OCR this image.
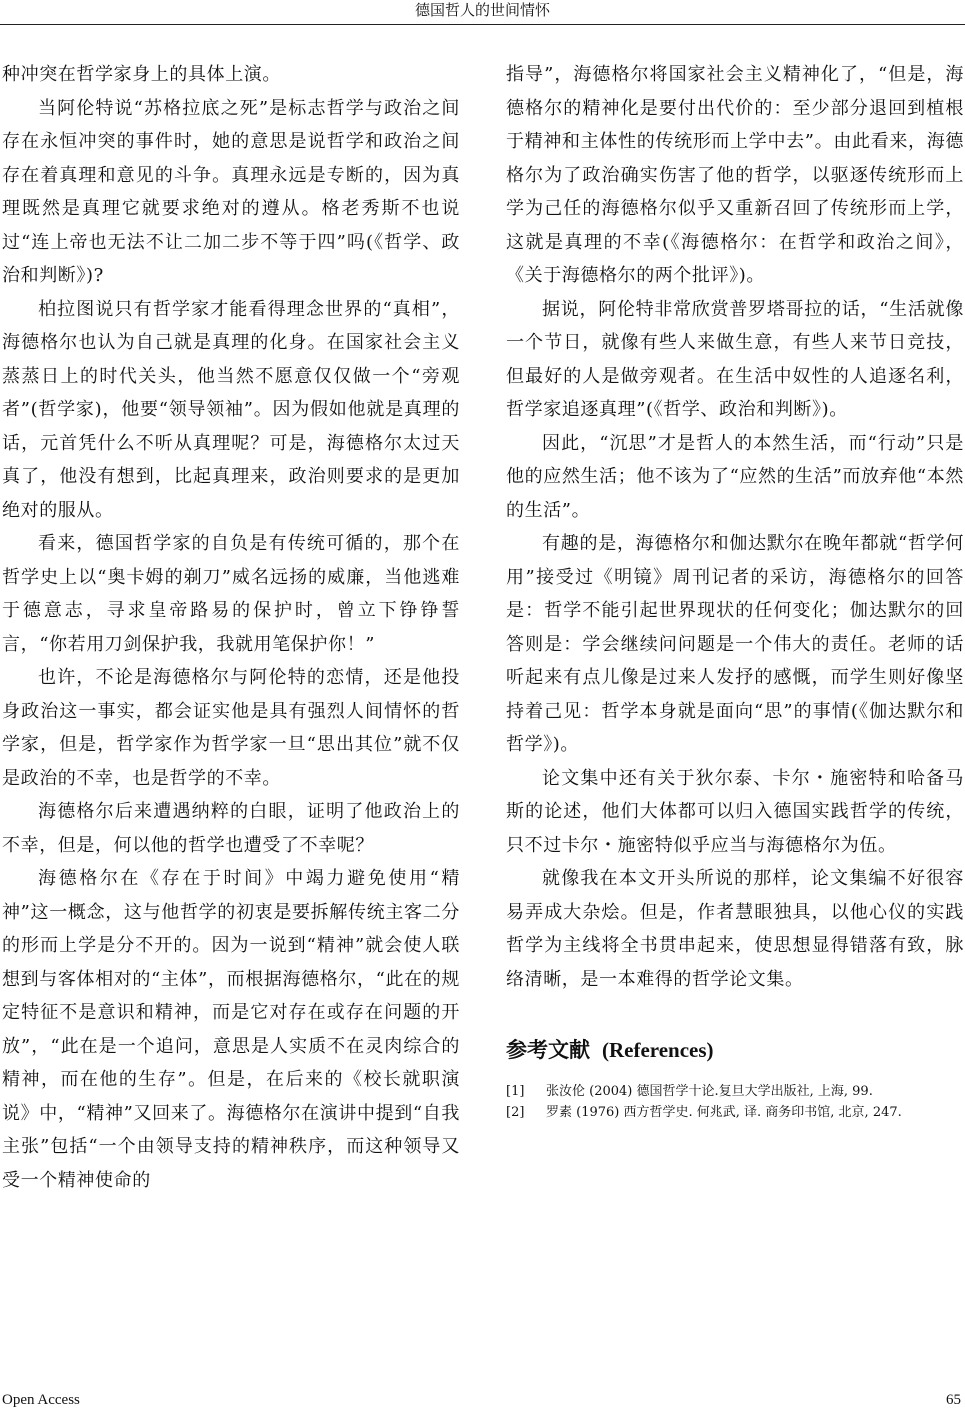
德国哲人的世间情怀

种冲突在哲学家身上的具体上演。

当阿伦特说“苏格拉底之死”是标志哲学与政治之间存在永恒冲突的事件时，她的意思是说哲学和政治之间存在着真理和意见的斗争。真理永远是专断的，因为真理既然是真理它就要求绝对的遵从。格老秀斯不也说过“连上帝也无法不让二加二步不等于四”吗(《哲学、政治和判断》)?

柏拉图说只有哲学家才能看得理念世界的“真相”，海德格尔也认为自己就是真理的化身。在国家社会主义蒸蒸日上的时代关头，他当然不愿意仅仅做一个“旁观者”(哲学家)，他要“领导领袖”。因为假如他就是真理的话，元首凭什么不听从真理呢？可是，海德格尔太过天真了，他没有想到，比起真理来，政治则要求的是更加绝对的服从。

看来，德国哲学家的自负是有传统可循的，那个在哲学史上以“奥卡姆的剃刀”威名远扬的威廉，当他逃难于德意志，寻求皇帝路易的保护时，曾立下铮铮誓言，“你若用刀剑保护我，我就用笔保护你！”

也许，不论是海德格尔与阿伦特的恋情，还是他投身政治这一事实，都会证实他是具有强烈人间情怀的哲学家，但是，哲学家作为哲学家一旦“思出其位”就不仅是政治的不幸，也是哲学的不幸。

海德格尔后来遭遇纳粹的白眼，证明了他政治上的不幸，但是，何以他的哲学也遭受了不幸呢？

海德格尔在《存在于时间》中竭力避免使用“精神”这一概念，这与他哲学的初衷是要拆解传统主客二分的形而上学是分不开的。因为一说到“精神”就会使人联想到与客体相对的“主体”，而根据海德格尔，“此在的规定特征不是意识和精神，而是它对存在或存在问题的开放”，“此在是一个追问，意思是人实质不在灵肉综合的精神，而在他的生存”。但是，在后来的《校长就职演说》中，“精神”又回来了。海德格尔在演讲中提到“自我主张”包括“一个由领导支持的精神秩序，而这种领导又受一个精神使命的

指导”，海德格尔将国家社会主义精神化了，“但是，海德格尔的精神化是要付出代价的：至少部分退回到植根于精神和主体性的传统形而上学中去”。由此看来，海德格尔为了政治确实伤害了他的哲学，以驱逐传统形而上学为己任的海德格尔似乎又重新召回了传统形而上学，这就是真理的不幸(《海德格尔：在哲学和政治之间》，《关于海德格尔的两个批评》)。

据说，阿伦特非常欣赏普罗塔哥拉的话，“生活就像一个节日，就像有些人来做生意，有些人来节日竞技，但最好的人是做旁观者。在生活中奴性的人追逐名利，哲学家追逐真理”(《哲学、政治和判断》)。

因此，“沉思”才是哲人的本然生活，而“行动”只是他的应然生活；他不该为了“应然的生活”而放弃他“本然的生活”。

有趣的是，海德格尔和伽达默尔在晚年都就“哲学何用”接受过《明镜》周刊记者的采访，海德格尔的回答是：哲学不能引起世界现状的任何变化；伽达默尔的回答则是：学会继续问问题是一个伟大的责任。老师的话听起来有点儿像是过来人发抒的感慨，而学生则好像坚持着己见：哲学本身就是面向“思”的事情(《伽达默尔和哲学》)。

论文集中还有关于狄尔泰、卡尔・施密特和哈备马斯的论述，他们大体都可以归入德国实践哲学的传统，只不过卡尔・施密特似乎应当与海德格尔为伍。

就像我在本文开头所说的那样，论文集编不好很容易弄成大杂烩。但是，作者慧眼独具，以他心仪的实践哲学为主线将全书贯串起来，使思想显得错落有致，脉络清晰，是一本难得的哲学论文集。

参考文献 (References)
[1]	张汝伦 (2004) 德国哲学十论.复旦大学出版社, 上海, 99.
[2]	罗素 (1976) 西方哲学史. 何兆武, 译. 商务印书馆, 北京, 247.
Open Access	65
